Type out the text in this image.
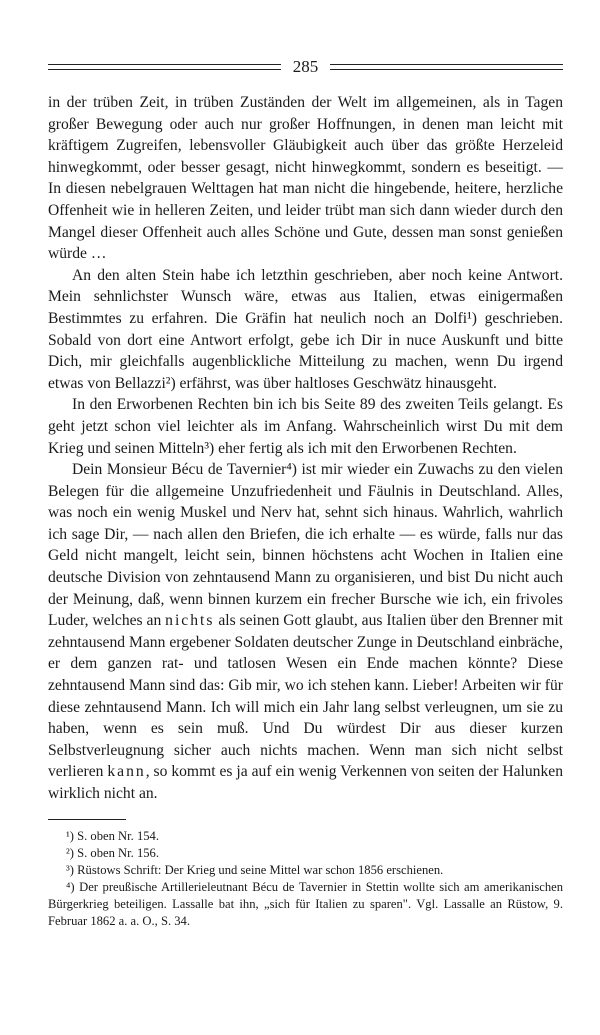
285

in der trüben Zeit, in trüben Zuständen der Welt im allgemeinen, als in Tagen großer Bewegung oder auch nur großer Hoffnungen, in denen man leicht mit kräftigem Zugreifen, lebensvoller Gläubigkeit auch über das größte Herzeleid hinwegkommt, oder besser gesagt, nicht hinwegkommt, sondern es beseitigt. — In diesen nebelgrauen Welttagen hat man nicht die hingebende, heitere, herzliche Offenheit wie in helleren Zeiten, und leider trübt man sich dann wieder durch den Mangel dieser Offenheit auch alles Schöne und Gute, dessen man sonst genießen würde …

An den alten Stein habe ich letzthin geschrieben, aber noch keine Antwort. Mein sehnlichster Wunsch wäre, etwas aus Italien, etwas einigermaßen Bestimmtes zu erfahren. Die Gräfin hat neulich noch an Dolfi¹) geschrieben. Sobald von dort eine Antwort erfolgt, gebe ich Dir in nuce Auskunft und bitte Dich, mir gleichfalls augenblickliche Mitteilung zu machen, wenn Du irgend etwas von Bellazzi²) erfährst, was über haltloses Geschwätz hinausgeht.

In den Erworbenen Rechten bin ich bis Seite 89 des zweiten Teils gelangt. Es geht jetzt schon viel leichter als im Anfang. Wahrscheinlich wirst Du mit dem Krieg und seinen Mitteln³) eher fertig als ich mit den Erworbenen Rechten.

Dein Monsieur Bécu de Tavernier⁴) ist mir wieder ein Zuwachs zu den vielen Belegen für die allgemeine Unzufriedenheit und Fäulnis in Deutschland. Alles, was noch ein wenig Muskel und Nerv hat, sehnt sich hinaus. Wahrlich, wahrlich ich sage Dir, — nach allen den Briefen, die ich erhalte — es würde, falls nur das Geld nicht mangelt, leicht sein, binnen höchstens acht Wochen in Italien eine deutsche Division von zehntausend Mann zu organisieren, und bist Du nicht auch der Meinung, daß, wenn binnen kurzem ein frecher Bursche wie ich, ein frivoles Luder, welches an nichts als seinen Gott glaubt, aus Italien über den Brenner mit zehntausend Mann ergebener Soldaten deutscher Zunge in Deutschland einbräche, er dem ganzen rat- und tatlosen Wesen ein Ende machen könnte? Diese zehntausend Mann sind das: Gib mir, wo ich stehen kann. Lieber! Arbeiten wir für diese zehntausend Mann. Ich will mich ein Jahr lang selbst verleugnen, um sie zu haben, wenn es sein muß. Und Du würdest Dir aus dieser kurzen Selbstverleugnung sicher auch nichts machen. Wenn man sich nicht selbst verlieren kann, so kommt es ja auf ein wenig Verkennen von seiten der Halunken wirklich nicht an.

¹) S. oben Nr. 154.

²) S. oben Nr. 156.

³) Rüstows Schrift: Der Krieg und seine Mittel war schon 1856 erschienen.

⁴) Der preußische Artillerieleutnant Bécu de Tavernier in Stettin wollte sich am amerikanischen Bürgerkrieg beteiligen. Lassalle bat ihn, „sich für Italien zu sparen". Vgl. Lassalle an Rüstow, 9. Februar 1862 a. a. O., S. 34.
